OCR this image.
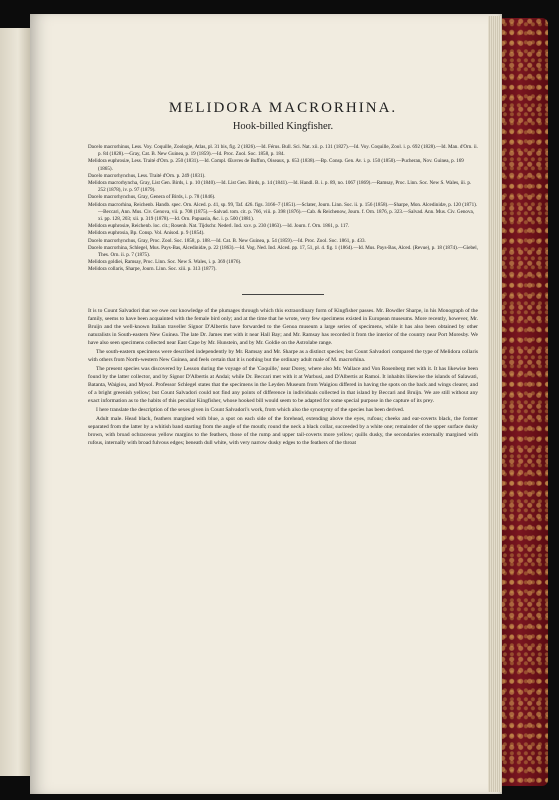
MELIDORA MACRORHINA.
Hook-billed Kingfisher.

Dacelo macrorhinus, Less. Voy. Coquille, Zoologie, Atlas, pl. 31 bis, fig. 2 (1826).—Id. Férus. Bull. Sci. Nat. xii. p. 131 (1827).—Id. Voy. Coquille, Zool. i. p. 692 (1828).—Id. Man. d'Orn. ii. p. 84 (1828).—Gray, Cat. B. New Guinea, p. 19 (1859).—Id. Proc. Zool. Soc. 1858, p. 184.

Melidora euphrosiæ, Less. Traité d'Orn. p. 250 (1831).—Id. Compl. Œuvres de Buffon, Oiseaux, p. 653 (1838).—Bp. Consp. Gen. Av. i. p. 150 (1850).—Pucheran, Nov. Guinea, p. 169 (1865).

Dacelo macrorhynchus, Less. Traité d'Orn. p. 249 (1831).

Melidora macrorhyncha, Gray, List Gen. Birds, i. p. 10 (1840).—Id. List Gen. Birds, p. 14 (1841).—Id. Handl. B. i. p. 89, no. 1067 (1869).—Ramsay, Proc. Linn. Soc. New S. Wales, iii. p. 252 (1878), iv. p. 97 (1879).

Dacelo macrorhynchus, Gray, Genera of Birds, i. p. 78 (1846).

Melidora macrorhina, Reichenb. Handb. spec. Orn. Alced. p. 41, sp. 99, Taf. 426. figs. 3166–7 (1851).—Sclater, Journ. Linn. Soc. ii. p. 156 (1858).—Sharpe, Mon. Alcedinidæ, p. 120 (1871).—Beccari, Ann. Mus. Civ. Genova, vii. p. 708 (1875).—Salvad. tom. cit. p. 766, viii. p. 398 (1876).—Cab. & Reichenow, Journ. f. Orn. 1876, p. 323.—Salvad. Ann. Mus. Civ. Genova, xi. pp. 128, 203; xii. p. 319 (1878).—Id. Orn. Papuasia, &c. i. p. 500 (1881).

Melidora euphrosiæ, Reichenb. loc. cit.; Rosenb. Nat. Tijdschr. Nederl. Ind. xxv. p. 230 (1863).—Id. Journ. f. Orn. 1861, p. 117.

Melidora euphrosia, Bp. Consp. Vol. Anisod. p. 9 (1854).

Dacelo macrorhynchus, Gray, Proc. Zool. Soc. 1858, p. 188.—Id. Cat. B. New Guinea, p. 54 (1859).—Id. Proc. Zool. Soc. 1861, p. 433.

Dacelo macrorhina, Schlegel, Mus. Pays-Bas, Alcedinidæ, p. 22 (1863).—Id. Vog. Ned. Ind. Alced. pp. 17, 51, pl. 4. fig. 1 (1864).—Id. Mus. Pays-Bas, Alced. (Revue), p. 18 (1874).—Giebel, Thes. Orn. ii. p. 7 (1875).

Melidora goldiei, Ramsay, Proc. Linn. Soc. New S. Wales, i. p. 369 (1876).

Melidora collaris, Sharpe, Journ. Linn. Soc. xiii. p. 313 (1877).

It is to Count Salvadori that we owe our knowledge of the plumages through which this extraordinary form of Kingfisher passes. Mr. Bowdler Sharpe, in his Monograph of the family, seems to have been acquainted with the female bird only; and at the time that he wrote, very few specimens existed in European museums. More recently, however, Mr. Bruijn and the well-known Italian traveller Signor D'Albertis have forwarded to the Genoa museum a large series of specimens, while it has also been obtained by other naturalists in South-eastern New Guinea. The late Dr. James met with it near Hall Bay; and Mr. Ramsay has recorded it from the interior of the country near Port Moresby. We have also seen specimens collected near East Cape by Mr. Hunstein, and by Mr. Goldie on the Astrolabe range.

The south-eastern specimens were described independently by Mr. Ramsay and Mr. Sharpe as a distinct species; but Count Salvadori compared the type of Melidora collaris with others from North-western New Guinea, and feels certain that it is nothing but the ordinary adult male of M. macrorhina.

The present species was discovered by Lesson during the voyage of the 'Coquille,' near Dorey, where also Mr. Wallace and Von Rosenberg met with it. It has likewise been found by the latter collector, and by Signor D'Albertis at Andai; while Dr. Beccari met with it at Warbusi, and D'Albertis at Ramoi. It inhabits likewise the islands of Salawati, Batanta, Waigiou, and Mysol. Professor Schlegel states that the specimens in the Leyden Museum from Waigiou differed in having the spots on the back and wings clearer, and of a bright greenish yellow; but Count Salvadori could not find any points of difference in individuals collected in that island by Beccari and Bruijn. We are still without any exact information as to the habits of this peculiar Kingfisher, whose hooked bill would seem to be adapted for some special purpose in the capture of its prey.

I here translate the description of the sexes given in Count Salvadori's work, from which also the synonymy of the species has been derived.

Adult male. Head black, feathers margined with blue, a spot on each side of the forehead, extending above the eyes, rufous; cheeks and ear-coverts black, the former separated from the latter by a whitish band starting from the angle of the mouth; round the neck a black collar, succeeded by a white one; remainder of the upper surface dusky brown, with broad ochraceous yellow margins to the feathers, those of the rump and upper tail-coverts more yellow; quills dusky, the secondaries externally margined with rufous, internally with broad fulvous edges; beneath dull white, with very narrow dusky edges to the feathers of the throat
